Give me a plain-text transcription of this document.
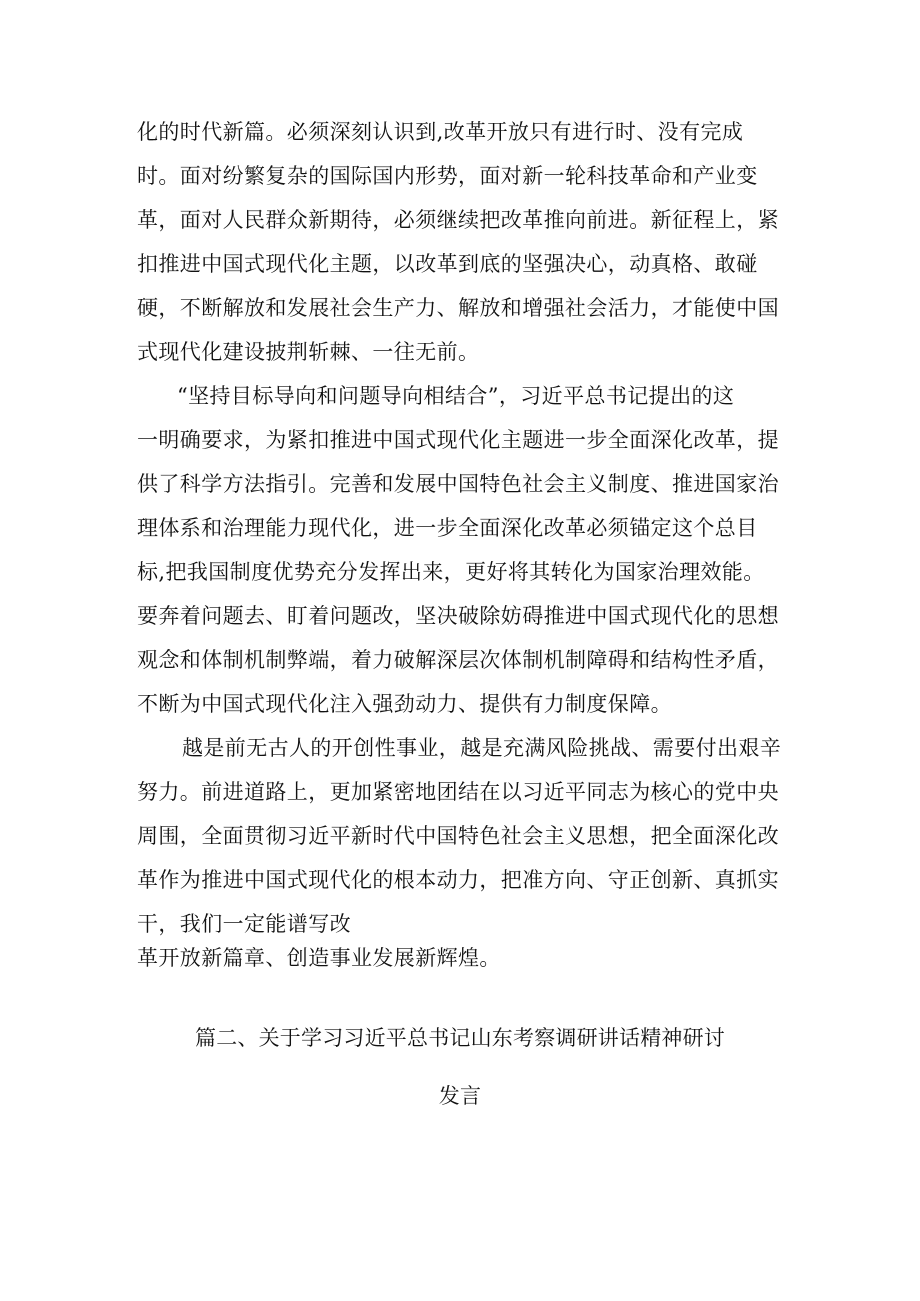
化的时代新篇。必须深刻认识到,改革开放只有进行时、没有完成
时。面对纷繁复杂的国际国内形势，面对新一轮科技革命和产业变
革，面对人民群众新期待，必须继续把改革推向前进。新征程上，紧
扣推进中国式现代化主题，以改革到底的坚强决心，动真格、敢碰
硬，不断解放和发展社会生产力、解放和增强社会活力，才能使中国
式现代化建设披荆斩棘、一往无前。
“坚持目标导向和问题导向相结合”，习近平总书记提出的这
一明确要求，为紧扣推进中国式现代化主题进一步全面深化改革，提
供了科学方法指引。完善和发展中国特色社会主义制度、推进国家治
理体系和治理能力现代化，进一步全面深化改革必须锚定这个总目
标,把我国制度优势充分发挥出来，更好将其转化为国家治理效能。
要奔着问题去、盯着问题改，坚决破除妨碍推进中国式现代化的思想
观念和体制机制弊端，着力破解深层次体制机制障碍和结构性矛盾，
不断为中国式现代化注入强劲动力、提供有力制度保障。
越是前无古人的开创性事业，越是充满风险挑战、需要付出艰辛
努力。前进道路上，更加紧密地团结在以习近平同志为核心的党中央
周围，全面贯彻习近平新时代中国特色社会主义思想，把全面深化改
革作为推进中国式现代化的根本动力，把准方向、守正创新、真抓实
干，我们一定能谱写改
革开放新篇章、创造事业发展新辉煌。
篇二、关于学习习近平总书记山东考察调研讲话精神研讨
发言
